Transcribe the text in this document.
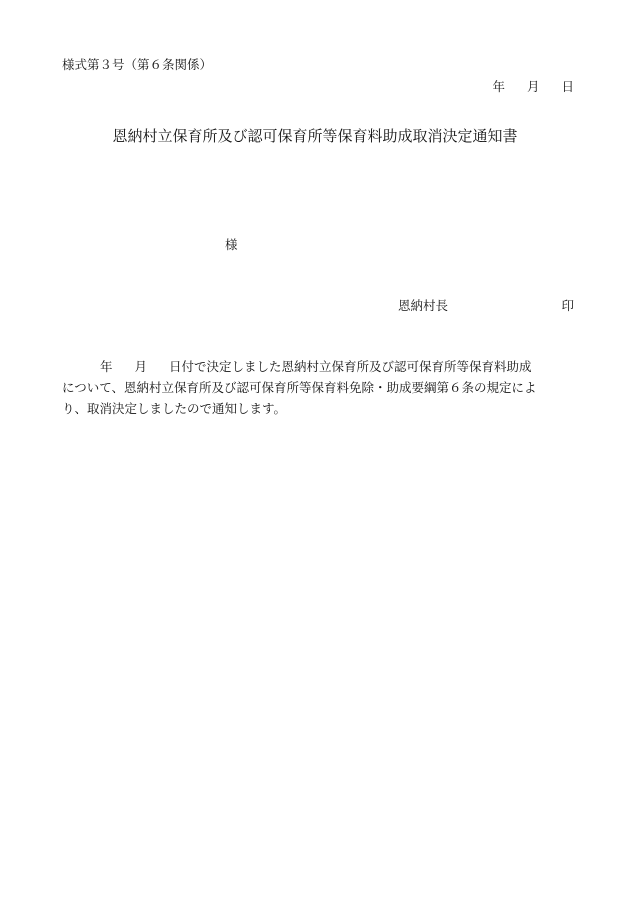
様式第３号（第６条関係）
年 月 日
恩納村立保育所及び認可保育所等保育料助成取消決定通知書
様
恩納村長	印
年 月 日付で決定しました恩納村立保育所及び認可保育所等保育料助成
について、恩納村立保育所及び認可保育所等保育料免除・助成要綱第６条の規定によ
り、取消決定しましたので通知します。
